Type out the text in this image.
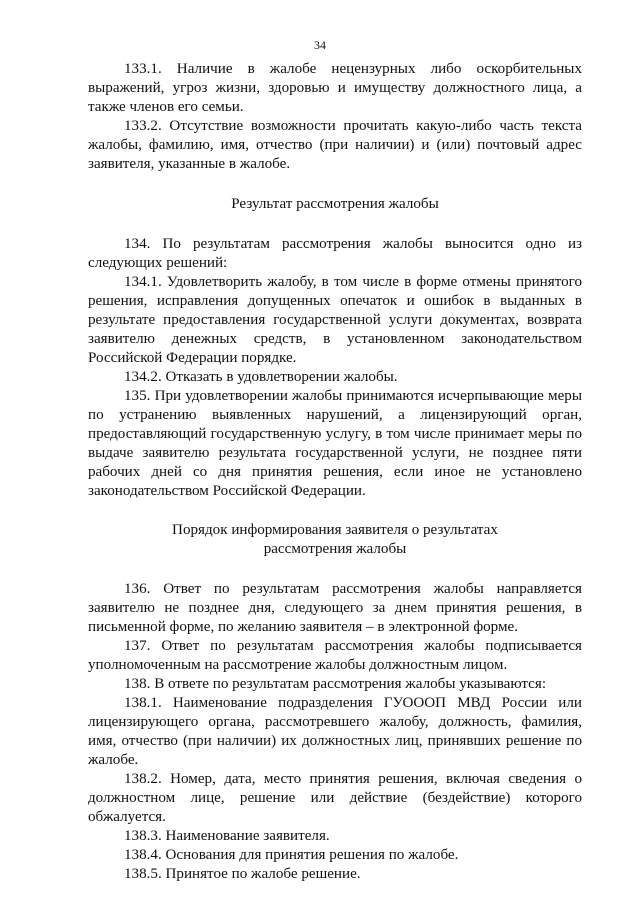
34

133.1. Наличие в жалобе нецензурных либо оскорбительных выражений, угроз жизни, здоровью и имуществу должностного лица, а также членов его семьи.

133.2. Отсутствие возможности прочитать какую-либо часть текста жалобы, фамилию, имя, отчество (при наличии) и (или) почтовый адрес заявителя, указанные в жалобе.

Результат рассмотрения жалобы

134. По результатам рассмотрения жалобы выносится одно из следующих решений:

134.1. Удовлетворить жалобу, в том числе в форме отмены принятого решения, исправления допущенных опечаток и ошибок в выданных в результате предоставления государственной услуги документах, возврата заявителю денежных средств, в установленном законодательством Российской Федерации порядке.

134.2. Отказать в удовлетворении жалобы.

135. При удовлетворении жалобы принимаются исчерпывающие меры по устранению выявленных нарушений, а лицензирующий орган, предоставляющий государственную услугу, в том числе принимает меры по выдаче заявителю результата государственной услуги, не позднее пяти рабочих дней со дня принятия решения, если иное не установлено законодательством Российской Федерации.

Порядок информирования заявителя о результатах
рассмотрения жалобы

136. Ответ по результатам рассмотрения жалобы направляется заявителю не позднее дня, следующего за днем принятия решения, в письменной форме, по желанию заявителя – в электронной форме.

137. Ответ по результатам рассмотрения жалобы подписывается уполномоченным на рассмотрение жалобы должностным лицом.

138. В ответе по результатам рассмотрения жалобы указываются:

138.1. Наименование подразделения ГУОООП МВД России или лицензирующего органа, рассмотревшего жалобу, должность, фамилия, имя, отчество (при наличии) их должностных лиц, принявших решение по жалобе.

138.2. Номер, дата, место принятия решения, включая сведения о должностном лице, решение или действие (бездействие) которого обжалуется.

138.3. Наименование заявителя.

138.4. Основания для принятия решения по жалобе.

138.5. Принятое по жалобе решение.
